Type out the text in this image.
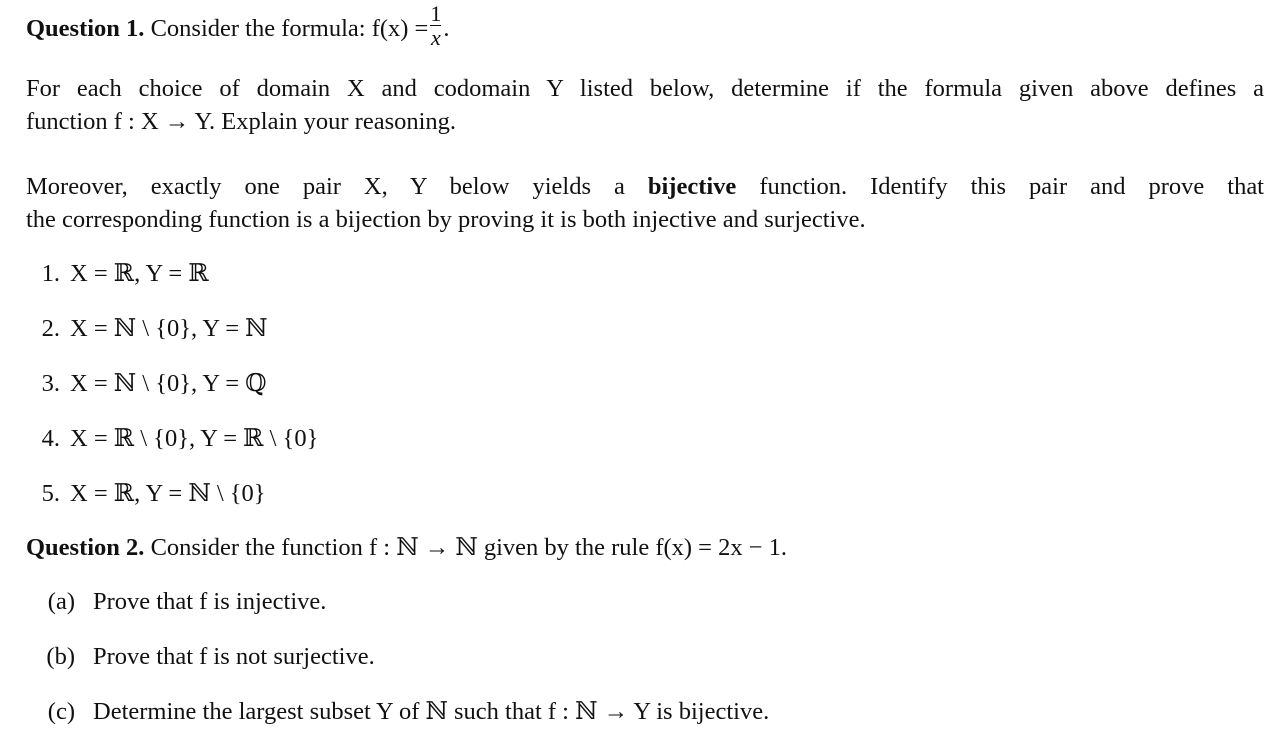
Question 1. Consider the formula: $f(x) = \frac{1}{x}$ .
For each choice of domain X and codomain Y listed below, determine if the formula given above defines a
function f : X → Y. Explain your reasoning.
Moreover, exactly one pair X, Y below yields a bijective function. Identify this pair and prove that
the corresponding function is a bijection by proving it is both injective and surjective.
1. X = ℝ, Y = ℝ
2. X = ℕ \ {0}, Y = ℕ
3. X = ℕ \ {0}, Y = ℚ
4. X = ℝ \ {0}, Y = ℝ \ {0}
5. X = ℝ, Y = ℕ \ {0}
Question 2. Consider the function f : ℕ → ℕ given by the rule f(x) = 2x − 1.
(a) Prove that f is injective.
(b) Prove that f is not surjective.
(c) Determine the largest subset Y of ℕ such that f : ℕ → Y is bijective.
